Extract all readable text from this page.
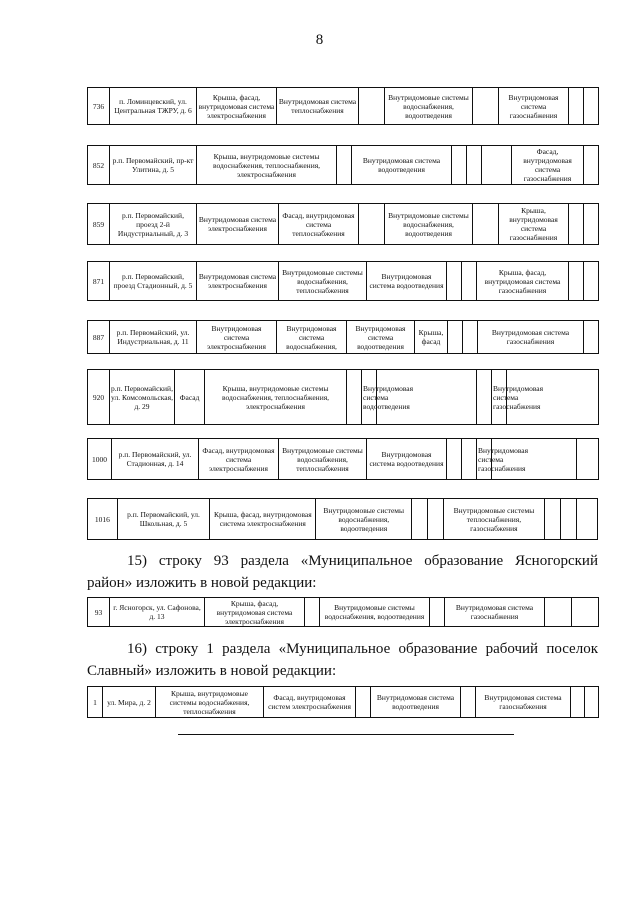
8
736	п. Ломинцевский, ул. Центральная ТЖРУ, д. 6	Крыша, фасад, внутридомовая система электроснабжения	Внутридомовая система теплоснабжения		Внутридомовые системы водоснабжения, водоотведения		Внутридомовая система газоснабжения		
852	р.п. Первомайский, пр-кт Улитина, д. 5	Крыша, внутридомовые системы водоснабжения, теплоснабжения, электроснабжения		Внутридомовая система водоотведения				Фасад, внутридомовая система газоснабжения	
859	р.п. Первомайский, проезд 2-й Индустриальный, д. 3	Внутридомовая система электроснабжения	Фасад, внутридомовая система теплоснабжения		Внутридомовые системы водоснабжения, водоотведения		Крыша, внутридомовая система газоснабжения		
871	р.п. Первомайский, проезд Стадионный, д. 5	Внутридомовая система электроснабжения	Внутридомовые системы водоснабжения, теплоснабжения	Внутридомовая система водоотведения			Крыша, фасад, внутридомовая система газоснабжения		
887	р.п. Первомайский, ул. Индустриальная, д. 11	Внутридомовая система электроснабжения	Внутридомовая система водоснабжения,	Внутридомовая система водоотведения	Крыша, фасад			Внутридомовая система газоснабжения	
920	р.п. Первомайский, ул. Комсомольская, д. 29	Фасад	Крыша, внутридомовые системы водоснабжения, теплоснабжения, электроснабжения		Внутридомовая система водоотведения			Внутридомовая система газоснабжения	
1000	р.п. Первомайский, ул. Стадионная, д. 14	Фасад, внутридомовая система электроснабжения	Внутридомовые системы водоснабжения, теплоснабжения	Внутридомовая система водоотведения			Внутридомовая система газоснабжения		
1016	р.п. Первомайский, ул. Школьная, д. 5	Крыша, фасад, внутридомовая система электроснабжения	Внутридомовые системы водоснабжения, водоотведения			Внутридомовые системы теплоснабжения, газоснабжения			
15) строку 93 раздела «Муниципальное образование Ясногорский район» изложить в новой редакции:
93	г. Ясногорск, ул. Сафонова, д. 13	Крыша, фасад, внутридомовая система электроснабжения		Внутридомовые системы водоснабжения, водоотведения		Внутридомовая система газоснабжения		
16) строку 1 раздела «Муниципальное образование рабочий поселок Славный» изложить в новой редакции:
1	ул. Мира, д. 2	Крыша, внутридомовые системы водоснабжения, теплоснабжения	Фасад, внутридомовая систем электроснабжения		Внутридомовая система водоотведения		Внутридомовая система газоснабжения		
